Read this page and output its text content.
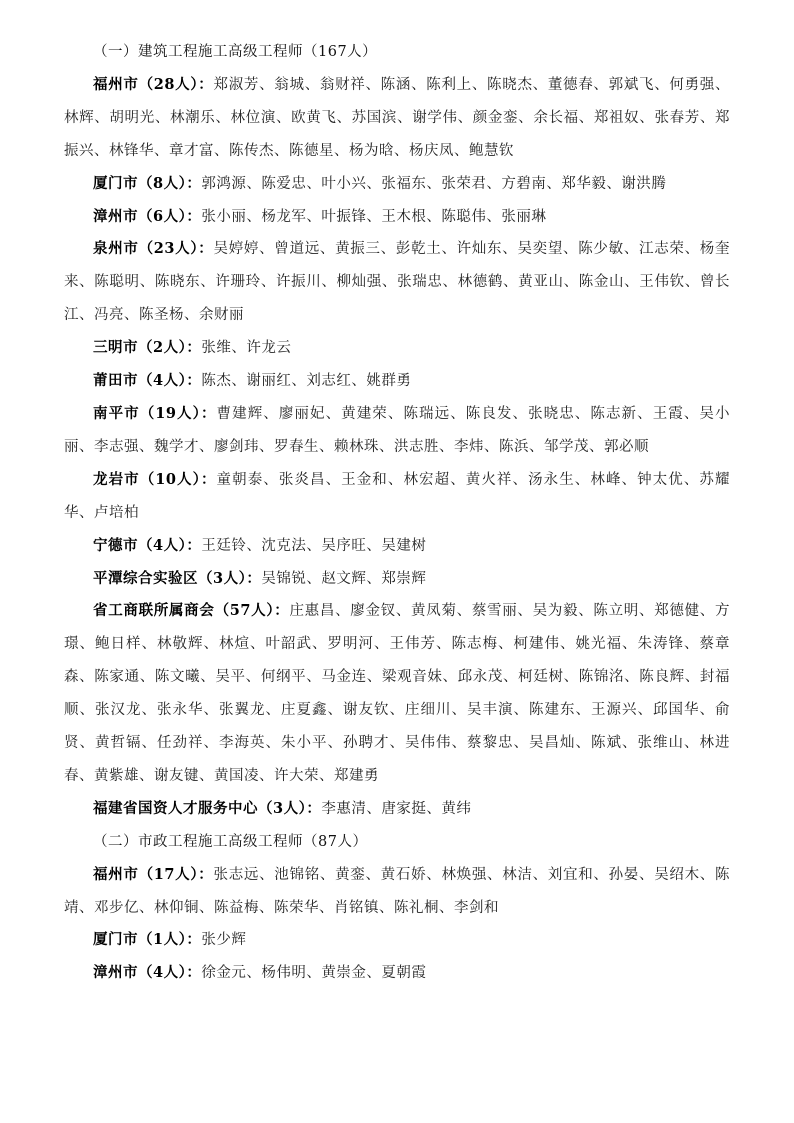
（一）建筑工程施工高级工程师（167人）

福州市（28人）：郑淑芳、翁城、翁财祥、陈涵、陈利上、陈晓杰、董德春、郭斌飞、何勇强、林辉、胡明光、林潮乐、林位演、欧黄飞、苏国滨、谢学伟、颜金銮、余长福、郑祖奴、张春芳、郑振兴、林锋华、章才富、陈传杰、陈德星、杨为晗、杨庆凤、鲍慧钦

厦门市（8人）：郭鸿源、陈爱忠、叶小兴、张福东、张荣君、方碧南、郑华毅、谢洪腾

漳州市（6人）：张小丽、杨龙军、叶振锋、王木根、陈聪伟、张丽琳

泉州市（23人）：吴婷婷、曾道远、黄振三、彭乾土、许灿东、吴奕望、陈少敏、江志荣、杨奎来、陈聪明、陈晓东、许珊玲、许振川、柳灿强、张瑞忠、林德鹤、黄亚山、陈金山、王伟钦、曾长江、冯亮、陈圣杨、余财丽

三明市（2人）：张维、许龙云

莆田市（4人）：陈杰、谢丽红、刘志红、姚群勇

南平市（19人）：曹建辉、廖丽妃、黄建荣、陈瑞远、陈良发、张晓忠、陈志新、王霞、吴小丽、李志强、魏学才、廖剑玮、罗春生、赖林珠、洪志胜、李炜、陈浜、邹学茂、郭必顺

龙岩市（10人）：童朝泰、张炎昌、王金和、林宏超、黄火祥、汤永生、林峰、钟太优、苏耀华、卢培柏

宁德市（4人）：王廷铃、沈克法、吴序旺、吴建树

平潭综合实验区（3人）：吴锦锐、赵文辉、郑崇辉

省工商联所属商会（57人）：庄惠昌、廖金钗、黄凤菊、蔡雪丽、吴为毅、陈立明、郑德健、方璟、鲍日样、林敬辉、林煊、叶韶武、罗明河、王伟芳、陈志梅、柯建伟、姚光福、朱涛锋、蔡章森、陈家通、陈文曦、吴平、何纲平、马金连、梁观音妹、邱永茂、柯廷树、陈锦洺、陈良辉、封福顺、张汉龙、张永华、张翼龙、庄夏鑫、谢友钦、庄细川、吴丰演、陈建东、王源兴、邱国华、俞贤、黄哲镉、任劲祥、李海英、朱小平、孙聘才、吴伟伟、蔡黎忠、吴昌灿、陈斌、张维山、林进春、黄紫雄、谢友键、黄国凌、许大荣、郑建勇

福建省国资人才服务中心（3人）：李惠清、唐家挺、黄纬

（二）市政工程施工高级工程师（87人）

福州市（17人）：张志远、池锦铭、黄銮、黄石娇、林焕强、林洁、刘宜和、孙晏、吴绍木、陈靖、邓步亿、林仰铜、陈益梅、陈荣华、肖铭镇、陈礼桐、李剑和

厦门市（1人）：张少辉

漳州市（4人）：徐金元、杨伟明、黄崇金、夏朝霞
